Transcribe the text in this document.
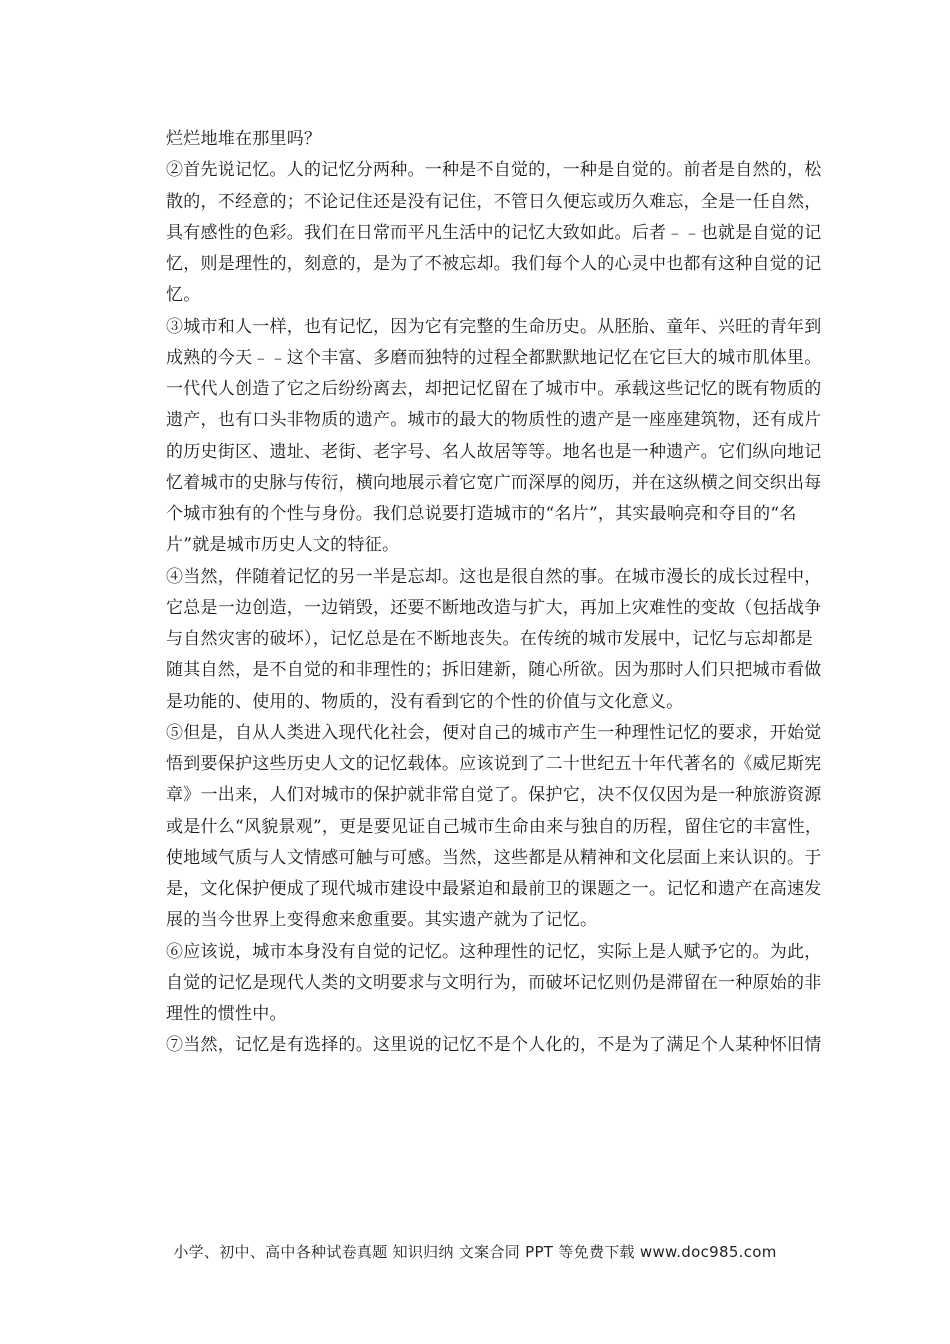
烂烂地堆在那里吗？
②首先说记忆。人的记忆分两种。一种是不自觉的，一种是自觉的。前者是自然的，松
散的，不经意的；不论记住还是没有记住，不管日久便忘或历久难忘，全是一任自然，
具有感性的色彩。我们在日常而平凡生活中的记忆大致如此。后者﹣﹣也就是自觉的记
忆，则是理性的，刻意的，是为了不被忘却。我们每个人的心灵中也都有这种自觉的记
忆。
③城市和人一样，也有记忆，因为它有完整的生命历史。从胚胎、童年、兴旺的青年到
成熟的今天﹣﹣这个丰富、多磨而独特的过程全都默默地记忆在它巨大的城市肌体里。
一代代人创造了它之后纷纷离去，却把记忆留在了城市中。承载这些记忆的既有物质的
遗产，也有口头非物质的遗产。城市的最大的物质性的遗产是一座座建筑物，还有成片
的历史街区、遗址、老街、老字号、名人故居等等。地名也是一种遗产。它们纵向地记
忆着城市的史脉与传衍，横向地展示着它宽广而深厚的阅历，并在这纵横之间交织出每
个城市独有的个性与身份。我们总说要打造城市的“名片”，其实最响亮和夺目的“名
片”就是城市历史人文的特征。
④当然，伴随着记忆的另一半是忘却。这也是很自然的事。在城市漫长的成长过程中，
它总是一边创造，一边销毁，还要不断地改造与扩大，再加上灾难性的变故（包括战争
与自然灾害的破坏），记忆总是在不断地丧失。在传统的城市发展中，记忆与忘却都是
随其自然，是不自觉的和非理性的；拆旧建新，随心所欲。因为那时人们只把城市看做
是功能的、使用的、物质的，没有看到它的个性的价值与文化意义。
⑤但是，自从人类进入现代化社会，便对自己的城市产生一种理性记忆的要求，开始觉
悟到要保护这些历史人文的记忆载体。应该说到了二十世纪五十年代著名的《威尼斯宪
章》一出来，人们对城市的保护就非常自觉了。保护它，决不仅仅因为是一种旅游资源
或是什么“风貌景观”，更是要见证自己城市生命由来与独自的历程，留住它的丰富性，
使地域气质与人文情感可触与可感。当然，这些都是从精神和文化层面上来认识的。于
是，文化保护便成了现代城市建设中最紧迫和最前卫的课题之一。记忆和遗产在高速发
展的当今世界上变得愈来愈重要。其实遗产就为了记忆。
⑥应该说，城市本身没有自觉的记忆。这种理性的记忆，实际上是人赋予它的。为此，
自觉的记忆是现代人类的文明要求与文明行为，而破坏记忆则仍是滞留在一种原始的非
理性的惯性中。
⑦当然，记忆是有选择的。这里说的记忆不是个人化的，不是为了满足个人某种怀旧情
小学、初中、高中各种试卷真题 知识归纳 文案合同 PPT 等免费下载 www.doc985.com
